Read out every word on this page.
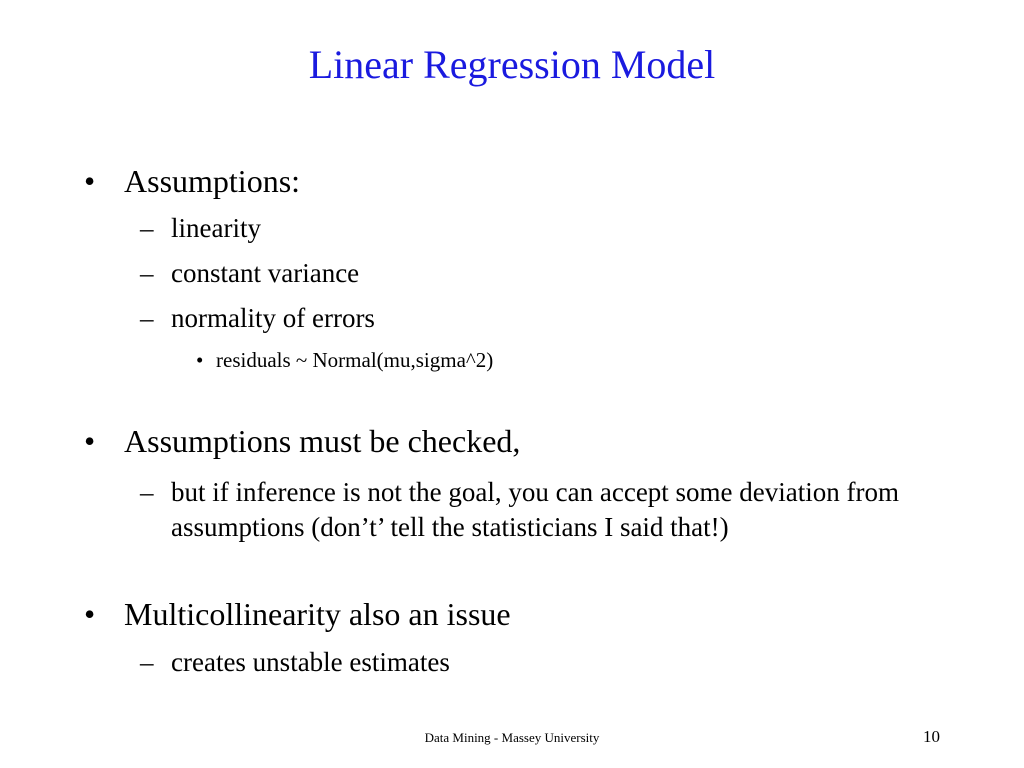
Linear Regression Model
• Assumptions:
– linearity
– constant variance
– normality of errors
• residuals ~ Normal(mu,sigma^2)
• Assumptions must be checked,
– but if inference is not the goal, you can accept some deviation from assumptions (don’t’ tell the statisticians I said that!)
• Multicollinearity also an issue
– creates unstable estimates
Data Mining - Massey University	10
